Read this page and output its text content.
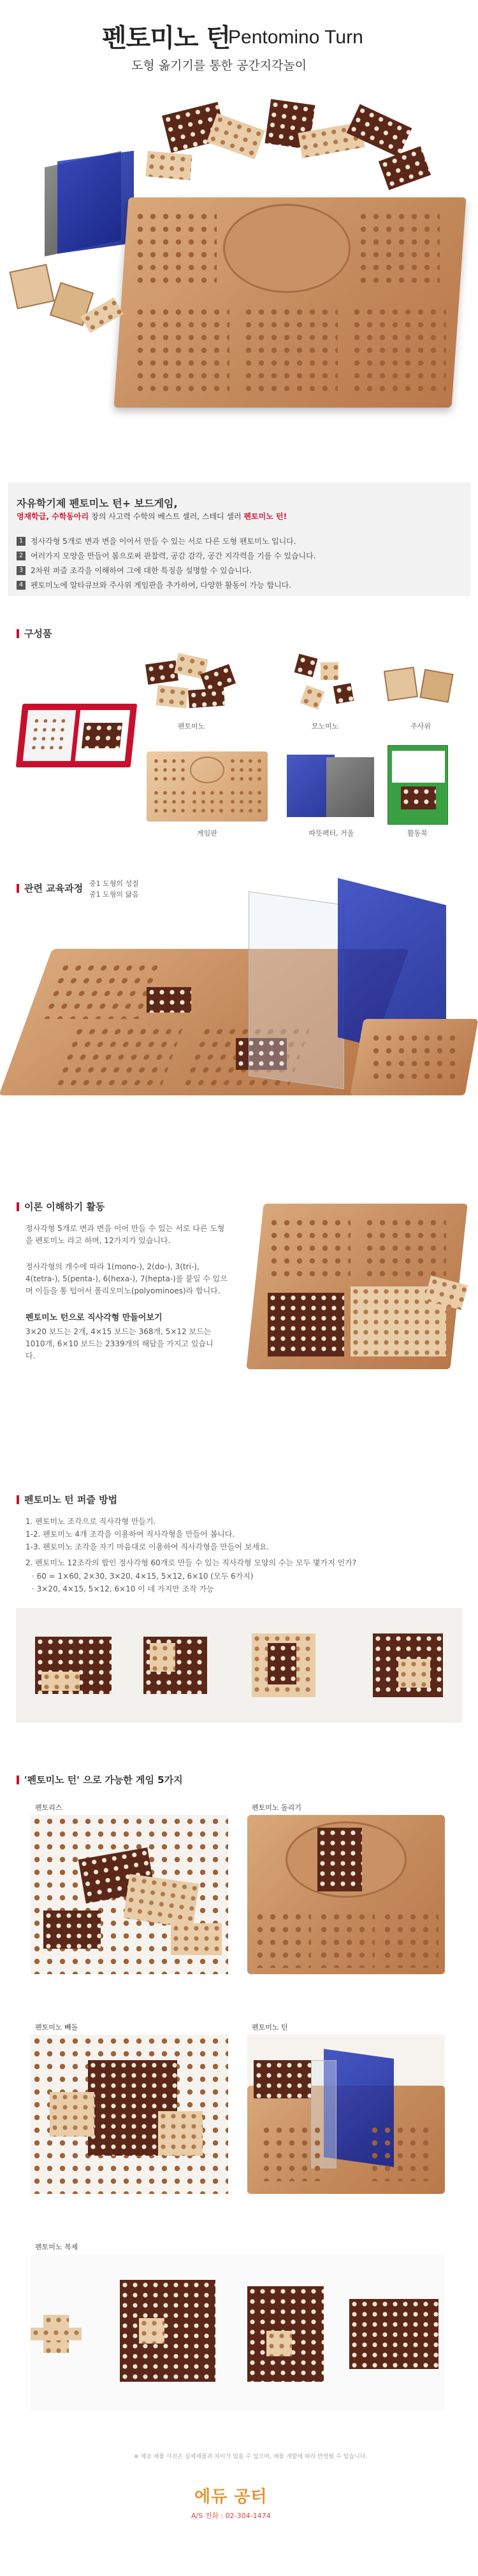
펜토미노 턴
Pentomino Turn
도형 옮기기를 통한 공간지각놀이
자유학기제 펜토미노 턴+ 보드게임,
영재학급, 수학동아리 창의 사고력 수학의 베스트 셀러, 스테디 셀러 펜토미노 턴!
1 정사각형 5개로 변과 변을 이어서 만들 수 있는 서로 다른 도형 펜토미노 입니다.
2 여러가지 모양을 만들어 봄으로써 관찰력, 공감 감각, 공간 지각력을 기를 수 있습니다.
3 2차원 퍼즐 조각을 이해하여 그에 대한 특징을 설명할 수 있습니다.
4 펜토미노에 알타큐브와 주사위 게임판을 추가하여, 다양한 활동이 가능 합니다.
구성품
펜토미노	모노미노	주사위
게임판	따뜻펙터, 거울	활동북
관련 교육과정 중1 도형의 성질
중1 도형의 닮음
이론 이해하기 활동
정사각형 5개로 변과 변을 이어 만들 수 있는 서로 다른 도형을 펜토미노 라고 하며, 12가지가 있습니다.
정사각형의 개수에 따라 1(mono-), 2(do-), 3(tri-), 4(tetra-), 5(penta-), 6(hexa-), 7(hepta-)를 붙일 수 있으며 이들을 통 털어서 폴리오미노(polyominoes)라 합니다.
펜토미노 턴으로 직사각형 만들어보기
3×20 보드는 2개, 4×15 보드는 368개, 5×12 보드는 1010개, 6×10 보드는 2339개의 해답을 가지고 있습니다.
펜토미노 턴 퍼즐 방법
1. 펜토미노 조각으로 직사각형 만들기.
1-2. 펜토미노 4개 조각을 이용하여 직사각형을 만들어 봅니다.
1-3. 펜토미노 조각을 자기 마음대로 이용하여 직사각형을 만들어 보세요.
2. 펜토미노 12조각의 합인 정사각형 60개로 만들 수 있는 직사각형 모양의 수는 모두 몇가지 인가?
· 60 = 1×60, 2×30, 3×20, 4×15, 5×12, 6×10 (모두 6가지)
· 3×20, 4×15, 5×12, 6×10 이 네 가지만 조작 가능
'펜토미노 턴' 으로 가능한 게임 5가지
펜토리스	펜토미노 돌리기
펜토미노 빼돌	펜토미노 턴
펜토미노 복제
※ 제공 제품 사진은 실제제품과 차이가 있을 수 있으며, 제품 개발에 따라 반영될 수 있습니다.
에듀 공터
A/S 전화 : 02-304-1474
